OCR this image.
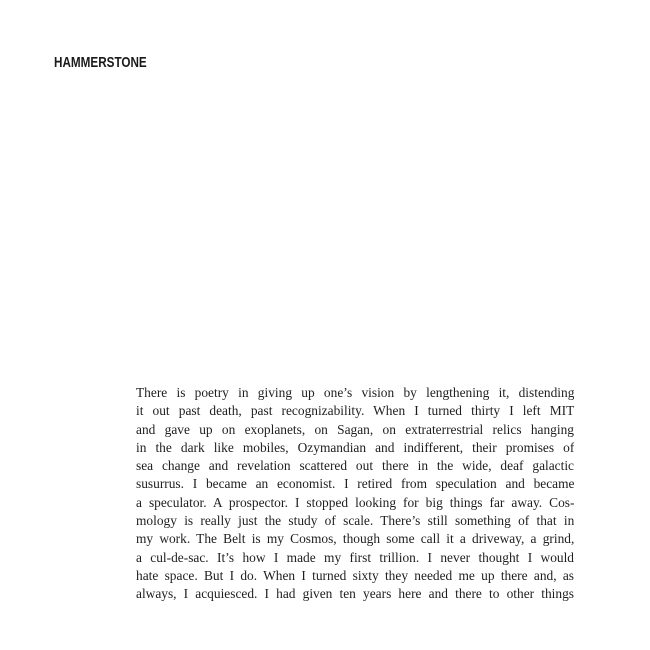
HAMMERSTONE
There is poetry in giving up one’s vision by lengthening it, distending
it out past death, past recognizability. When I turned thirty I left MIT
and gave up on exoplanets, on Sagan, on extraterrestrial relics hanging
in the dark like mobiles, Ozymandian and indifferent, their promises of
sea change and revelation scattered out there in the wide, deaf galactic
susurrus. I became an economist. I retired from speculation and became
a speculator. A prospector. I stopped looking for big things far away. Cos-
mology is really just the study of scale. There’s still something of that in
my work. The Belt is my Cosmos, though some call it a driveway, a grind,
a cul-de-sac. It’s how I made my first trillion. I never thought I would
hate space. But I do. When I turned sixty they needed me up there and, as
always, I acquiesced. I had given ten years here and there to other things
